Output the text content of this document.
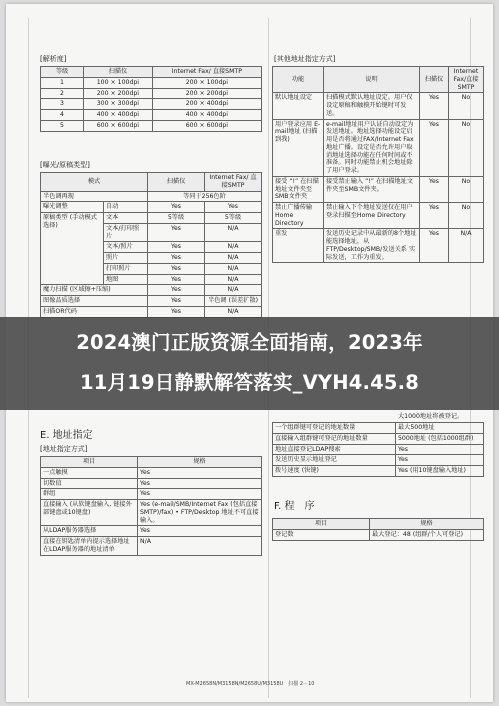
[解析度]
等级	扫描仪	Internet Fax/ 直接SMTP
1	100 × 100dpi	200 × 100dpi
2	200 × 200dpi	200 × 200dpi
3	300 × 300dpi	200 × 400dpi
4	400 × 400dpi	400 × 400dpi
5	600 × 600dpi	600 × 600dpi
[曝光/原稿类型]
模式		扫描仪	Internet Fax/ 直接SMTP
半色调再现		等同于256色阶	
曝光调整	自动	Yes	Yes
原稿类型 (手动模式选择)	文本	5等级	5等级
	文本/打印照片	Yes	N/A
	文本/照片	Yes	N/A
	照片	Yes	N/A
	打印照片	Yes	N/A
	地图	Yes	N/A
魔力扫描 (区域擦+压缩)		Yes	N/A
图像品质选择		Yes	半色调 (误差扩散)
扫描OR代码		Yes	N/A
[其他地址指定方式]
功能	说明	扫描仪	Internet Fax/直接 SMTP
默认地址设定	扫描模式默认地址设定。用户仅设定原稿和触摸开始键时可发送。	Yes	No
用户登录应用 E-mail地址 (扫描到我)	e-mail地址用户认证自动设定为发送地址。地址选择功能设定启用是否将通过FAX/Internet Fax地址广播。设定是否允许用户取消地址选择功能在任何时间或不准备。同时功能禁止机会地址除了用户登录。	Yes	No
接受 “!” 在扫描地址文件夹至SMB文件夹	接受禁止输入 “!” 在扫描地址文件夹至SMB文件夹。	Yes	No
禁止广播传输 Home Directory	禁止输入下个地址发送仅在用户登录扫描至Home Directory	Yes	No
重发	发送历史记录中从最新的8个地址能选择地址，从 FTP/Desktop/SMB/发送关系 实际发送，工作为重发。	Yes	N/A
大1000地址将被登记。
一个组群键可登记的地址数量	最大500地址
直接输入组群键可登记的地址数量	5000地址 (包括1000组群)
地址直接登记LDAP搜索	Yes
发送历史显示地址登记	Yes
拨号速度 (快键)	Yes (用10键盘输入地址)
E. 地址指定
[地址指定方式]
项目	规格
一点触摸	Yes
切数值	Yes
群组	Yes
直接输入 (从软键盘输入, 链接外部键盘或10键盘)	Yes (e-mail/SMB/Internet Fax (包括直接SMTP)/fax) • FTP/Desktop 地址不可直接输入。
从LDAP服务器选择	Yes
直接在钥匙清单内提示选择地址 在LDAP服务器的地址清单	N/A
F. 程　序
项目	规格
登记数	最大登记：48 (组群/个人可登记)
MX-M2658N/M3158N/M2658U/M3158U　扫描 2－10
2024澳门正版资源全面指南，2023年
11月19日静默解答落实_VYH4.45.8
